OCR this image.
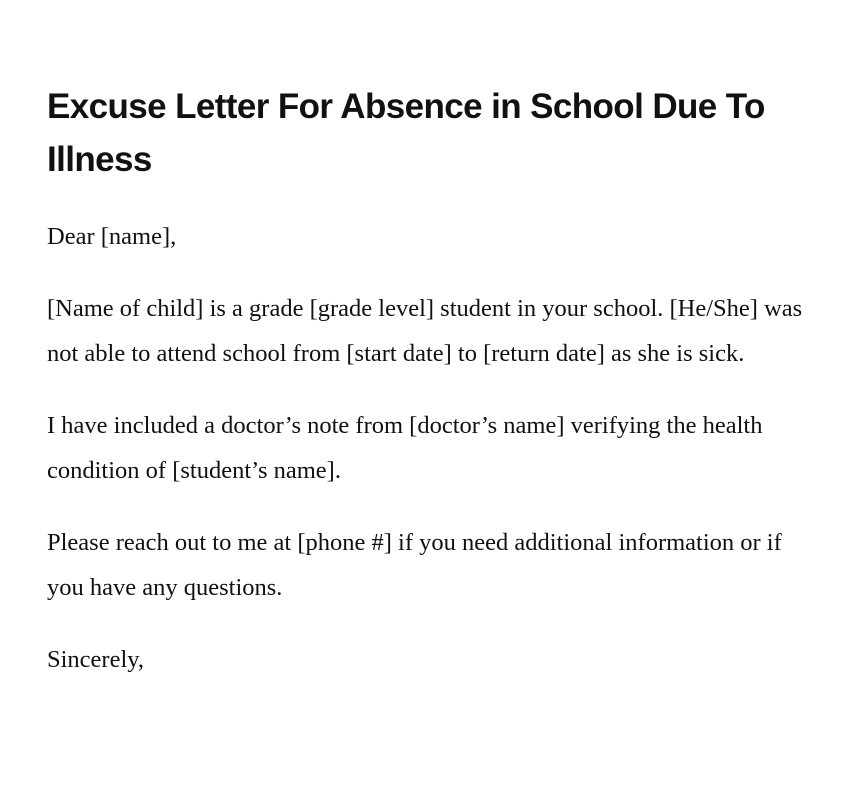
Excuse Letter For Absence in School Due To Illness

Dear [name],

[Name of child] is a grade [grade level] student in your school. [He/She] was not able to attend school from [start date] to [return date] as she is sick.

I have included a doctor’s note from [doctor’s name] verifying the health condition of [student’s name].

Please reach out to me at [phone #] if you need additional information or if you have any questions.

Sincerely,
